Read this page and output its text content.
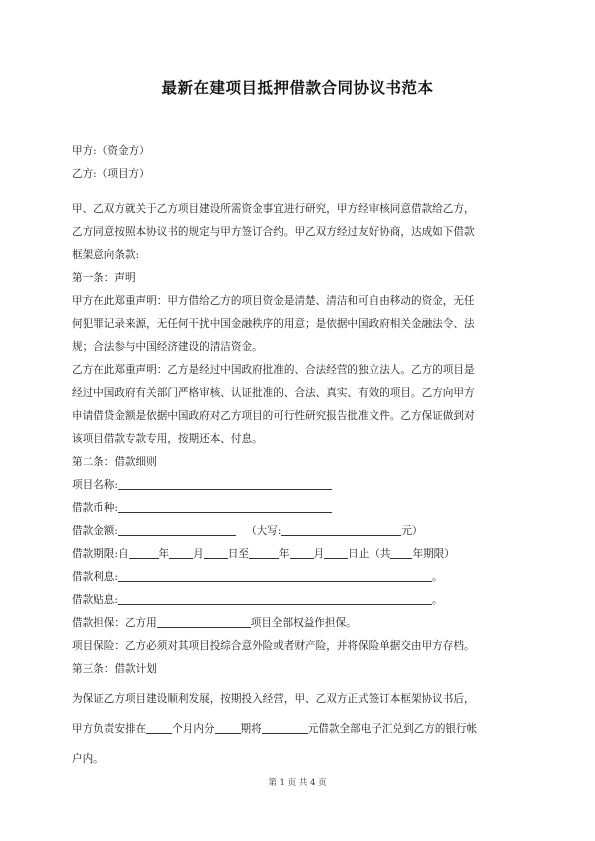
最新在建项目抵押借款合同协议书范本
甲方:（资金方）
乙方:（项目方）
甲、乙双方就关于乙方项目建设所需资金事宜进行研究，甲方经审核同意借款给乙方，
乙方同意按照本协议书的规定与甲方签订合约。甲乙双方经过友好协商，达成如下借款
框架意向条款:
第一条：声明
甲方在此郑重声明：甲方借给乙方的项目资金是清楚、清洁和可自由移动的资金，无任
何犯罪记录来源，无任何干扰中国金融秩序的用意；是依据中国政府相关金融法令、法
规；合法参与中国经济建设的清洁资金。
乙方在此郑重声明：乙方是经过中国政府批准的、合法经营的独立法人。乙方的项目是
经过中国政府有关部门严格审核、认证批准的、合法、真实、有效的项目。乙方向甲方
申请借贷金额是依据中国政府对乙方项目的可行性研究报告批准文件。乙方保证做到对
该项目借款专款专用，按期还本、付息。
第二条：借款细则
项目名称:
借款币种:
借款金额:	（大写:	元）
借款期限:自	年 月 日至	年 月 日止（共 年期限）
借款利息:	。
借款贴息:	。
借款担保：乙方用	项目全部权益作担保。
项目保险：乙方必须对其项目投综合意外险或者财产险，并将保险单据交由甲方存档。
第三条：借款计划
为保证乙方项目建设顺利发展，按期投入经营，甲、乙双方正式签订本框架协议书后，
甲方负责安排在 个月内分 期将	元借款全部电子汇兑到乙方的银行帐
户内。
第 1 页 共 4 页
